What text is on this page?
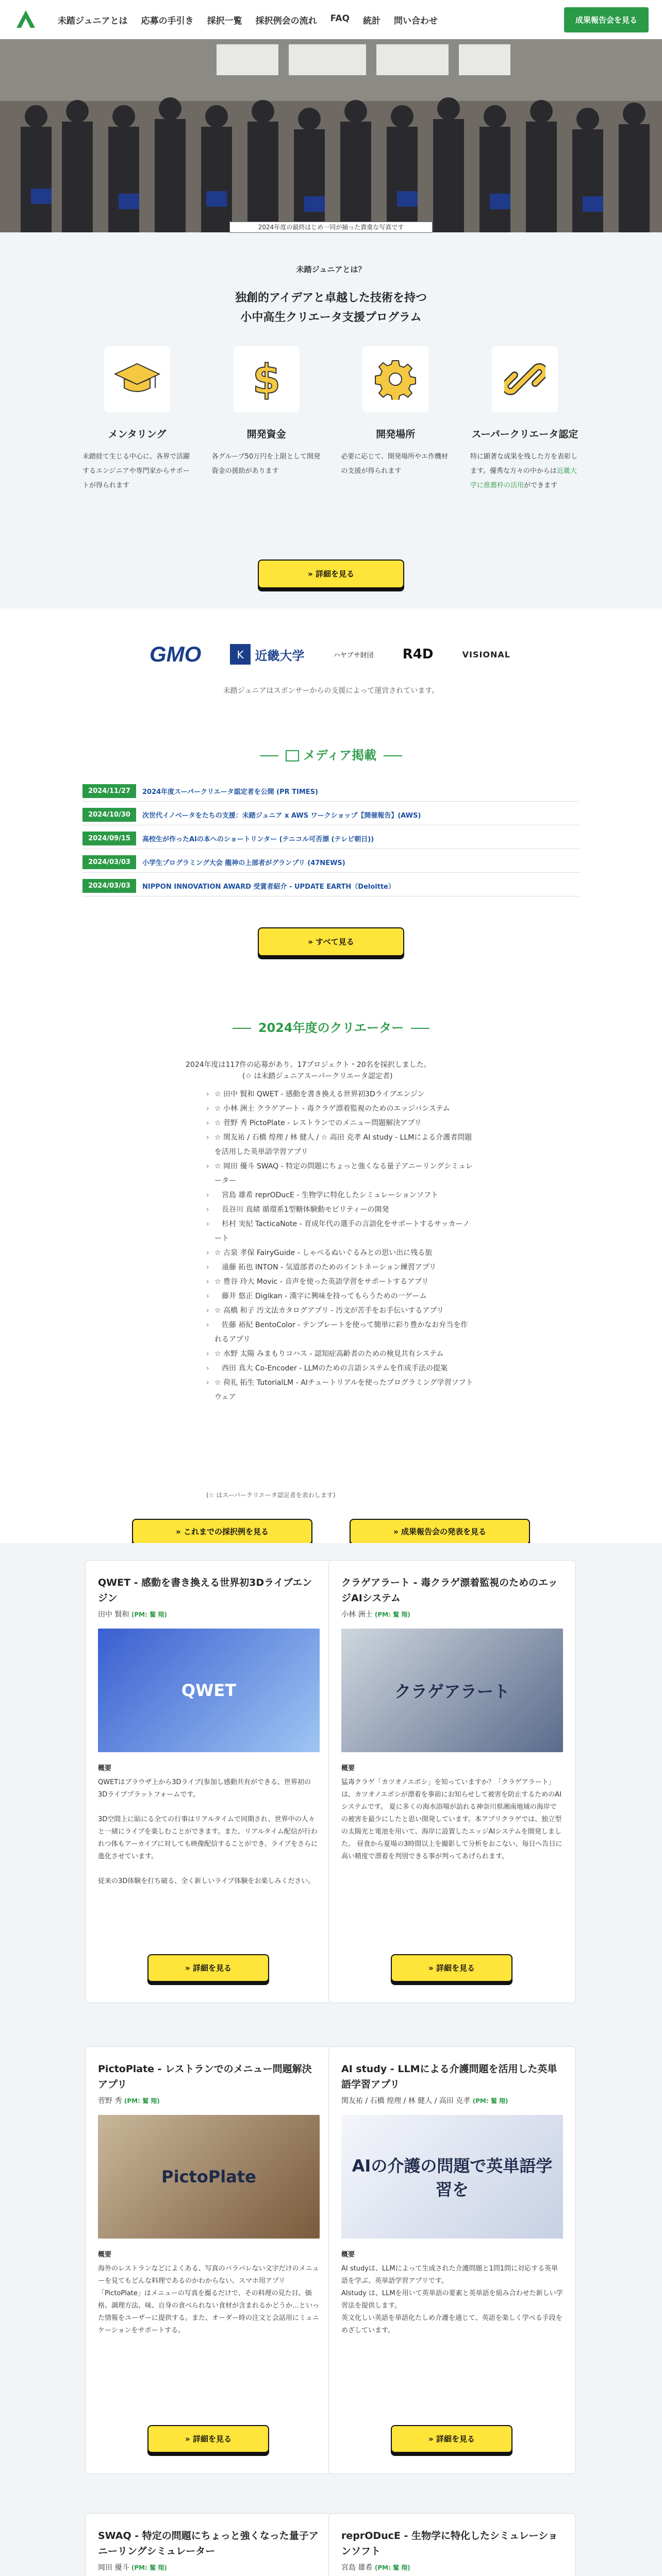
未踏ジュニアとは 応募の手引き 採択一覧 採択例会の流れ FAQ 統計 問い合わせ	成果報告会を見る
2024年度の最終はじめ一同が揃った貴重な写真です
未踏ジュニアとは？
独創的アイデアと卓越した技術を持つ
小中高生クリエータ支援プログラム
メンタリング
未踏経て生じる中心に、各界で活躍するエンジニアや専門家からサポートが得られます
$
開発資金
各グループ50万円を上限として開発資金の援助があります
開発場所
必要に応じて、開発場所やエ作機材の支援が得られます
スーパークリエータ認定
特に顕著な成果を残した方を表彰します。優秀な方々の中からは近畿大学に推薦枠の活用ができます
» 詳細を見る
GMO	K 近畿大学	ハヤブサ財団 R4D	VISIONAL
未踏ジュニアはスポンサーからの支援によって運営されています。
メディア掲載
2024/11/27	2024年度スーパークリエータ認定者を公開 (PR TIMES)
2024/10/30	次世代イノベータをたちの支援：未踏ジュニア x AWS ワークショップ【開催報告】(AWS)
2024/09/15	高校生が作ったAIの本へのショートリンター (テニコル可否漂 (テレビ朝日))
2024/03/03	小学生プログラミング大会 龍神の上部者がグランプリ (47NEWS)
2024/03/03	NIPPON INNOVATION AWARD 受賞者紹介 - UPDATE EARTH（Deloitte）
» すべて見る
2024年度のクリエーター
2024年度は117件の応募があり、17プロジェクト・20名を採択しました。
(☆ は未踏ジュニアスーパークリエータ認定者)
› ☆ 田中 賢和 QWET - 感動を書き換える世界初3Dライブエンジン
› ☆ 小林 洲士 クラゲアート - 毒クラゲ漂着監視のためのエッジバシステム
› ☆ 菅野 秀 PictoPlate - レストランでのメニュー問題解決アプリ
› ☆ 関友祐 / 石橋 煌理 / 林 健人 / ☆ 高田 克孝 AI study - LLMによる介護者問題を活用した英単語学習アプリ
› ☆ 岡田 優斗 SWAQ - 特定の問題にちょっと強くなる量子アニーリングシミュレーター
› 　宮島 雄希 reprODucE - 生物学に特化したシミュレーションソフト
› 　長谷川 真緒 循環系1型糖体験動モビリティーの開発
› 　杉村 実紀 TacticaNote - 育成年代の選手の言語化をサポートするサッカーノート
› ☆ 古泉 孝保 FairyGuide - しゃべるぬいぐるみとの思い出に残る旅
› 　遠藤 拓也 INTON - 気道部者のためのイントネーション練習アプリ
› ☆ 豊谷 玲大 Movic - 音声を使った英語学習をサポートするアプリ
› 　藤井 悠正 Digikan - 漢字に興味を持ってもらうための一ゲーム
› ☆ 高橋 和子 汚文法カタログアプリ - 汚文が苦手をお手伝いするアプリ
› 　佐藤 裕紀 BentoColor - テンプレートを使って簡単に彩り豊かなお弁当を作れるアプリ
› ☆ 水野 太陽 みまもりコハス - 認知症高齢者のための検見共有システム
› 　西田 真大 Co-Encoder - LLMのための言語システムを作成手法の提案
› ☆ 荷礼 拓生 TutorialLM - AIチュートリアルを使ったプログラミング学習ソフトウェア
(☆ はスーパークリエータ認定者を表わします)
» これまでの採択例を見る	» 成果報告会の発表を見る
QWET - 感動を書き換える世界初3Dライブエンジン
田中 賢和 (PM: 鷲 翔)
QWET
概要
QWETはブラウザ上から3Dライブ(参加し感動共有ができる、世界初の3Dライブプラットフォームです。

3D空間上に貼にる全ての行事はリアルタイムで同期され、世界中の人々と一緒にライブを楽しむことができます。また、リアルタイム配信が行われつ体もアーカイブに対しても映像配信することができ、ライブをさらに進化させています。

従来の3D体験を打ち破る、全く新しいライブ体験をお楽しみください。
» 詳細を見る
クラゲアラート - 毒クラゲ漂着監視のためのエッジAIシステム
小林 洲士 (PM: 鷲 翔)
クラゲアラート
概要
猛毒クラゲ「カツオノエボシ」を知っていますか？「クラゲアラート」は、カツオノエボシが漂着を事前にお知らせして被害を防止するためのAIシステムです。 夏に多くの海水浴場が訪れる神奈川県湘南地域の海岸での被害を最少にしたと思い開発しています。本アプリクラゲでは、独立型の太陽光と電池を用いて、海岸に設置したエッジAIシステムを開発しました。 昼食から夏場の3時間以上を撮影して分析をおこない、毎日へ告日に高い精度で漂着を判別できる事が判ってあげられます。
» 詳細を見る
PictoPlate - レストランでのメニュー問題解決アプリ
菅野 秀 (PM: 鷲 翔)
PictoPlate
概要
海外のレストランなどによくある、写真のパラパレない文字だけのメニューを見てもどんな料理であるのかわからない、スマホ用アプリ「PictoPlate」はメニューの写真を撮るだけで、その料理の見た目、価格、調理方法、味、自身の食べられない食材が含まれるかどうか…といった情報をユーザーに提供する。また、オーダー時の注文と会話用にミュニケーションをサポートする。
» 詳細を見る
AI study - LLMによる介護問題を活用した英単語学習アプリ
関友祐 / 石橋 煌理 / 林 健人 / 高田 克孝 (PM: 鷲 翔)
AIの介護の問題で英単語学習を
概要
AI studyは、LLMによって生成された介護問題と1問1問に対応する英単語を学ぶ、英単語学習アプリです。
AIstudy は、LLMを用いて英単語の要素と英単語を組み合わせた新しい学習法を提供します。
英文化しい英語を単語化たしめ介護を通じて、英語を楽しく学べる手段をめざしています。
» 詳細を見る
SWAQ - 特定の問題にちょっと強くなった量子アニーリングシミュレーター
岡田 優斗 (PM: 鷲 翔)
reprODucE - 生物学に特化したシミュレーションソフト
宮島 雄希 (PM: 鷲 翔)
